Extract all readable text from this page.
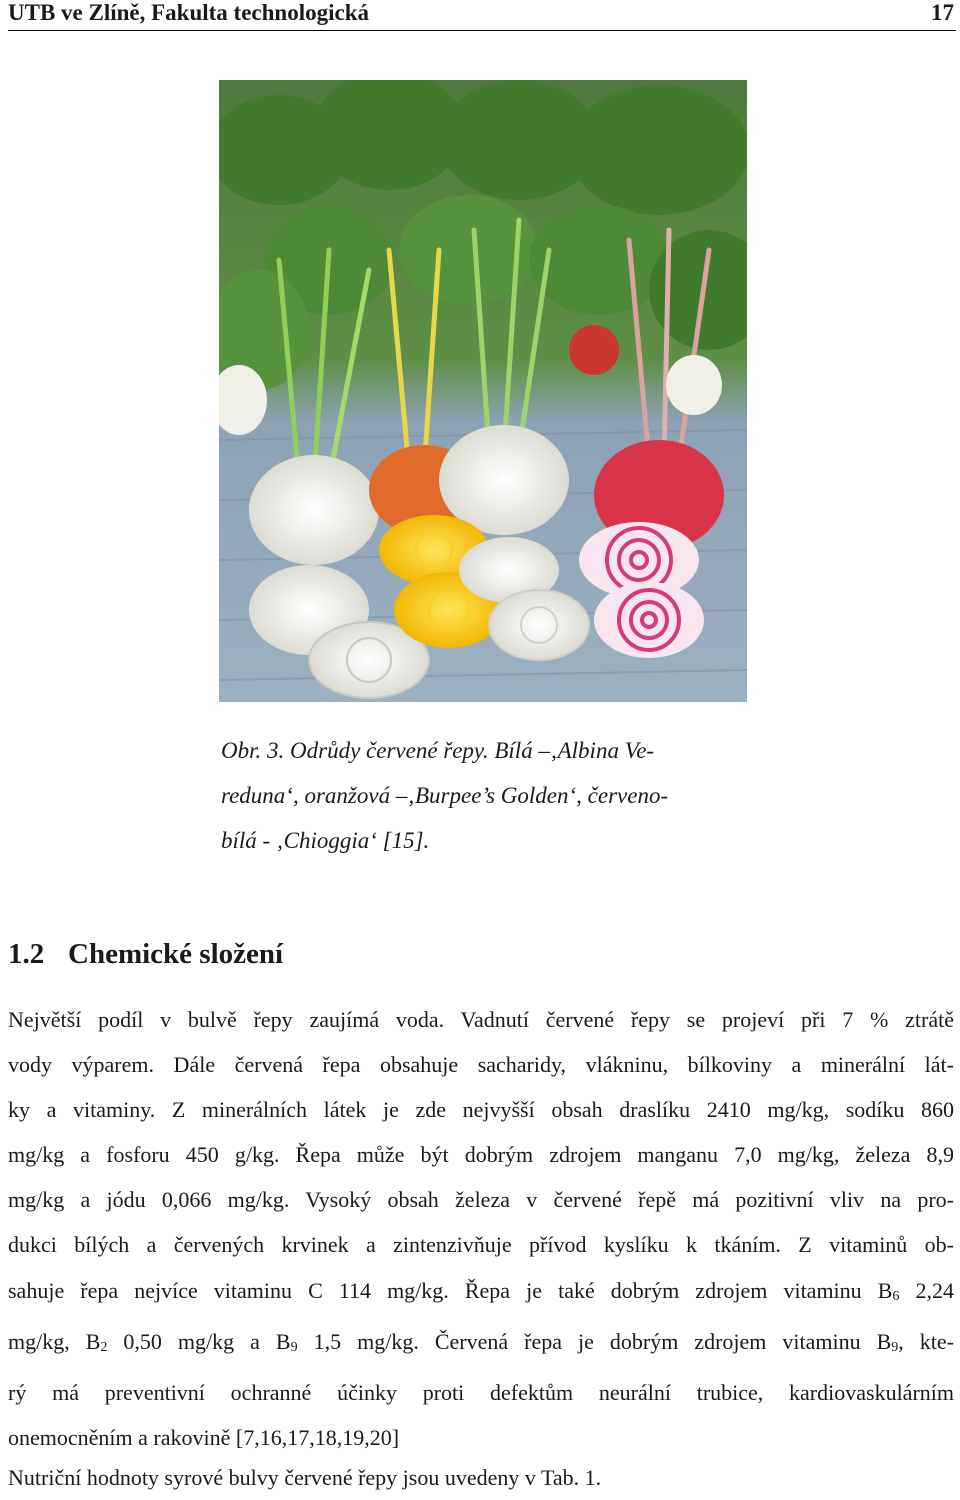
UTB ve Zlíně, Fakulta technologická	17
Obr. 3. Odrůdy červené řepy. Bílá –‚Albina Ve-
reduna‘, oranžová –‚Burpee’s Golden‘, červeno-
bílá - ‚Chioggia‘ [15].
1.2 Chemické složení
Největší podíl v bulvě řepy zaujímá voda. Vadnutí červené řepy se projeví při 7 % ztrátě
vody výparem. Dále červená řepa obsahuje sacharidy, vlákninu, bílkoviny a minerální lát-
ky a vitaminy. Z minerálních látek je zde nejvyšší obsah draslíku 2410 mg/kg, sodíku 860
mg/kg a fosforu 450 g/kg. Řepa může být dobrým zdrojem manganu 7,0 mg/kg, železa 8,9
mg/kg a jódu 0,066 mg/kg. Vysoký obsah železa v červené řepě má pozitivní vliv na pro-
dukci bílých a červených krvinek a zintenzivňuje přívod kyslíku k tkáním. Z vitaminů ob-
sahuje řepa nejvíce vitaminu C 114 mg/kg. Řepa je také dobrým zdrojem vitaminu $B_6$ 2,24
mg/kg, $B_2$ 0,50 mg/kg a $B_9$ 1,5 mg/kg. Červená řepa je dobrým zdrojem vitaminu $B_9$, kte-
rý má preventivní ochranné účinky proti defektům neurální trubice, kardiovaskulárním
onemocněním a rakovině [7,16,17,18,19,20]
Nutriční hodnoty syrové bulvy červené řepy jsou uvedeny v Tab. 1.
